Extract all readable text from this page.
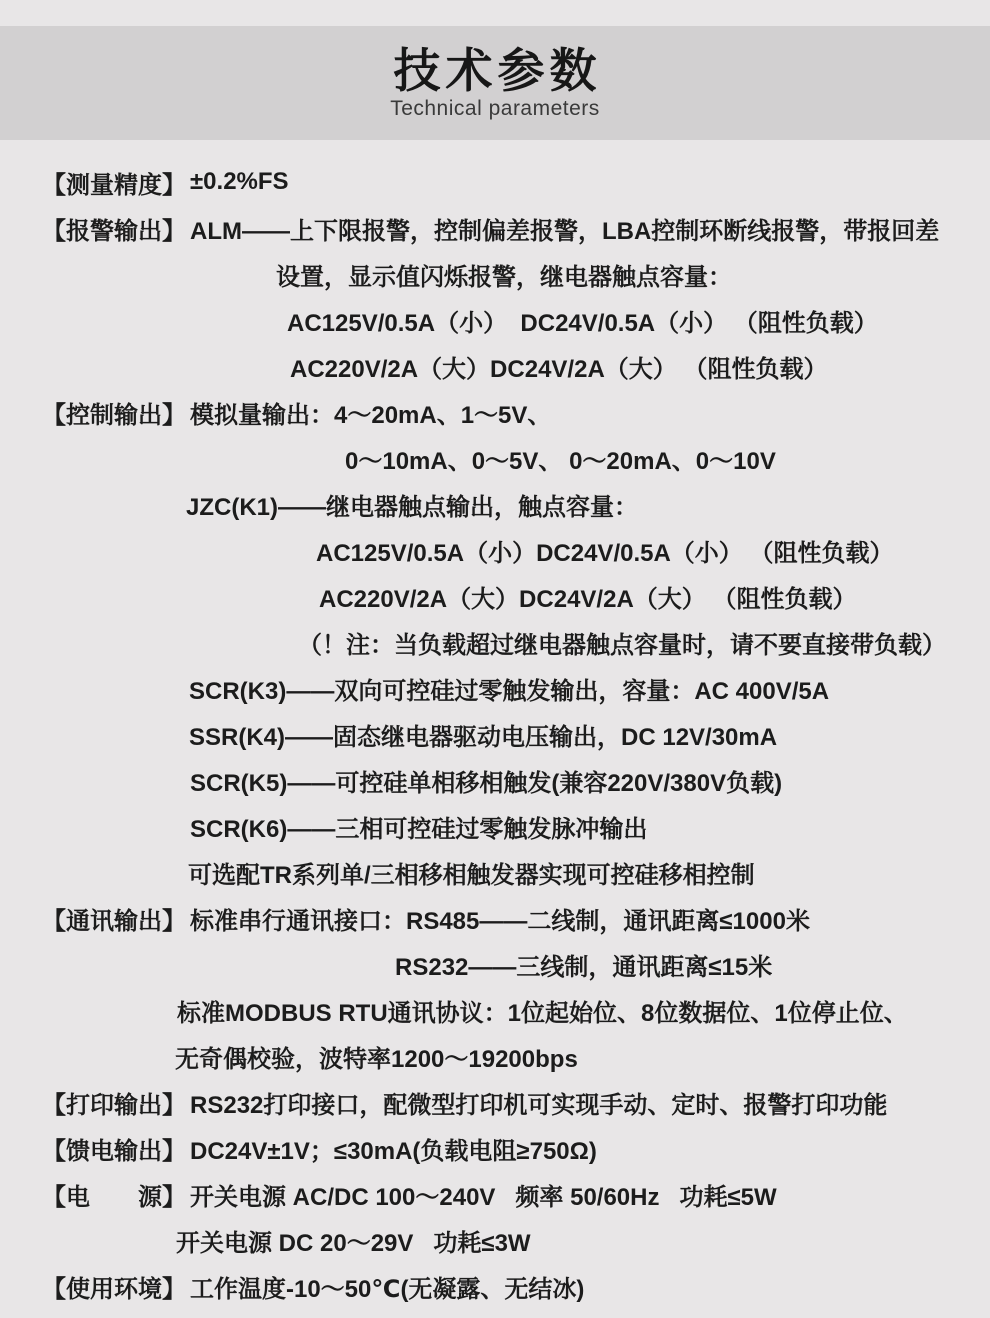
技术参数
Technical parameters
【测量精度】 ±0.2%FS
【报警输出】 ALM——上下限报警，控制偏差报警，LBA控制环断线报警，带报回差
设置，显示值闪烁报警，继电器触点容量：
AC125V/0.5A（小）  DC24V/0.5A（小） （阻性负载）
AC220V/2A（大）DC24V/2A（大） （阻性负载）
【控制输出】 模拟量输出：4～20mA、1～5V、
0～10mA、0～5V、 0～20mA、0～10V
JZC(K1)——继电器触点输出，触点容量：
AC125V/0.5A（小）DC24V/0.5A（小） （阻性负载）
AC220V/2A（大）DC24V/2A（大） （阻性负载）
（！注：当负载超过继电器触点容量时，请不要直接带负载）
SCR(K3)——双向可控硅过零触发输出，容量：AC 400V/5A
SSR(K4)——固态继电器驱动电压输出，DC 12V/30mA
SCR(K5)——可控硅单相移相触发(兼容220V/380V负载)
SCR(K6)——三相可控硅过零触发脉冲输出
可选配TR系列单/三相移相触发器实现可控硅移相控制
【通讯输出】 标准串行通讯接口：RS485——二线制，通讯距离≤1000米
RS232——三线制，通讯距离≤15米
标准MODBUS RTU通讯协议：1位起始位、8位数据位、1位停止位、
无奇偶校验，波特率1200～19200bps
【打印输出】 RS232打印接口，配微型打印机可实现手动、定时、报警打印功能
【馈电输出】 DC24V±1V；≤30mA(负载电阻≥750Ω)
【电　　源】 开关电源 AC/DC 100～240V   频率 50/60Hz   功耗≤5W
开关电源 DC 20～29V   功耗≤3W
【使用环境】 工作温度-10～50℃(无凝露、无结冰)
